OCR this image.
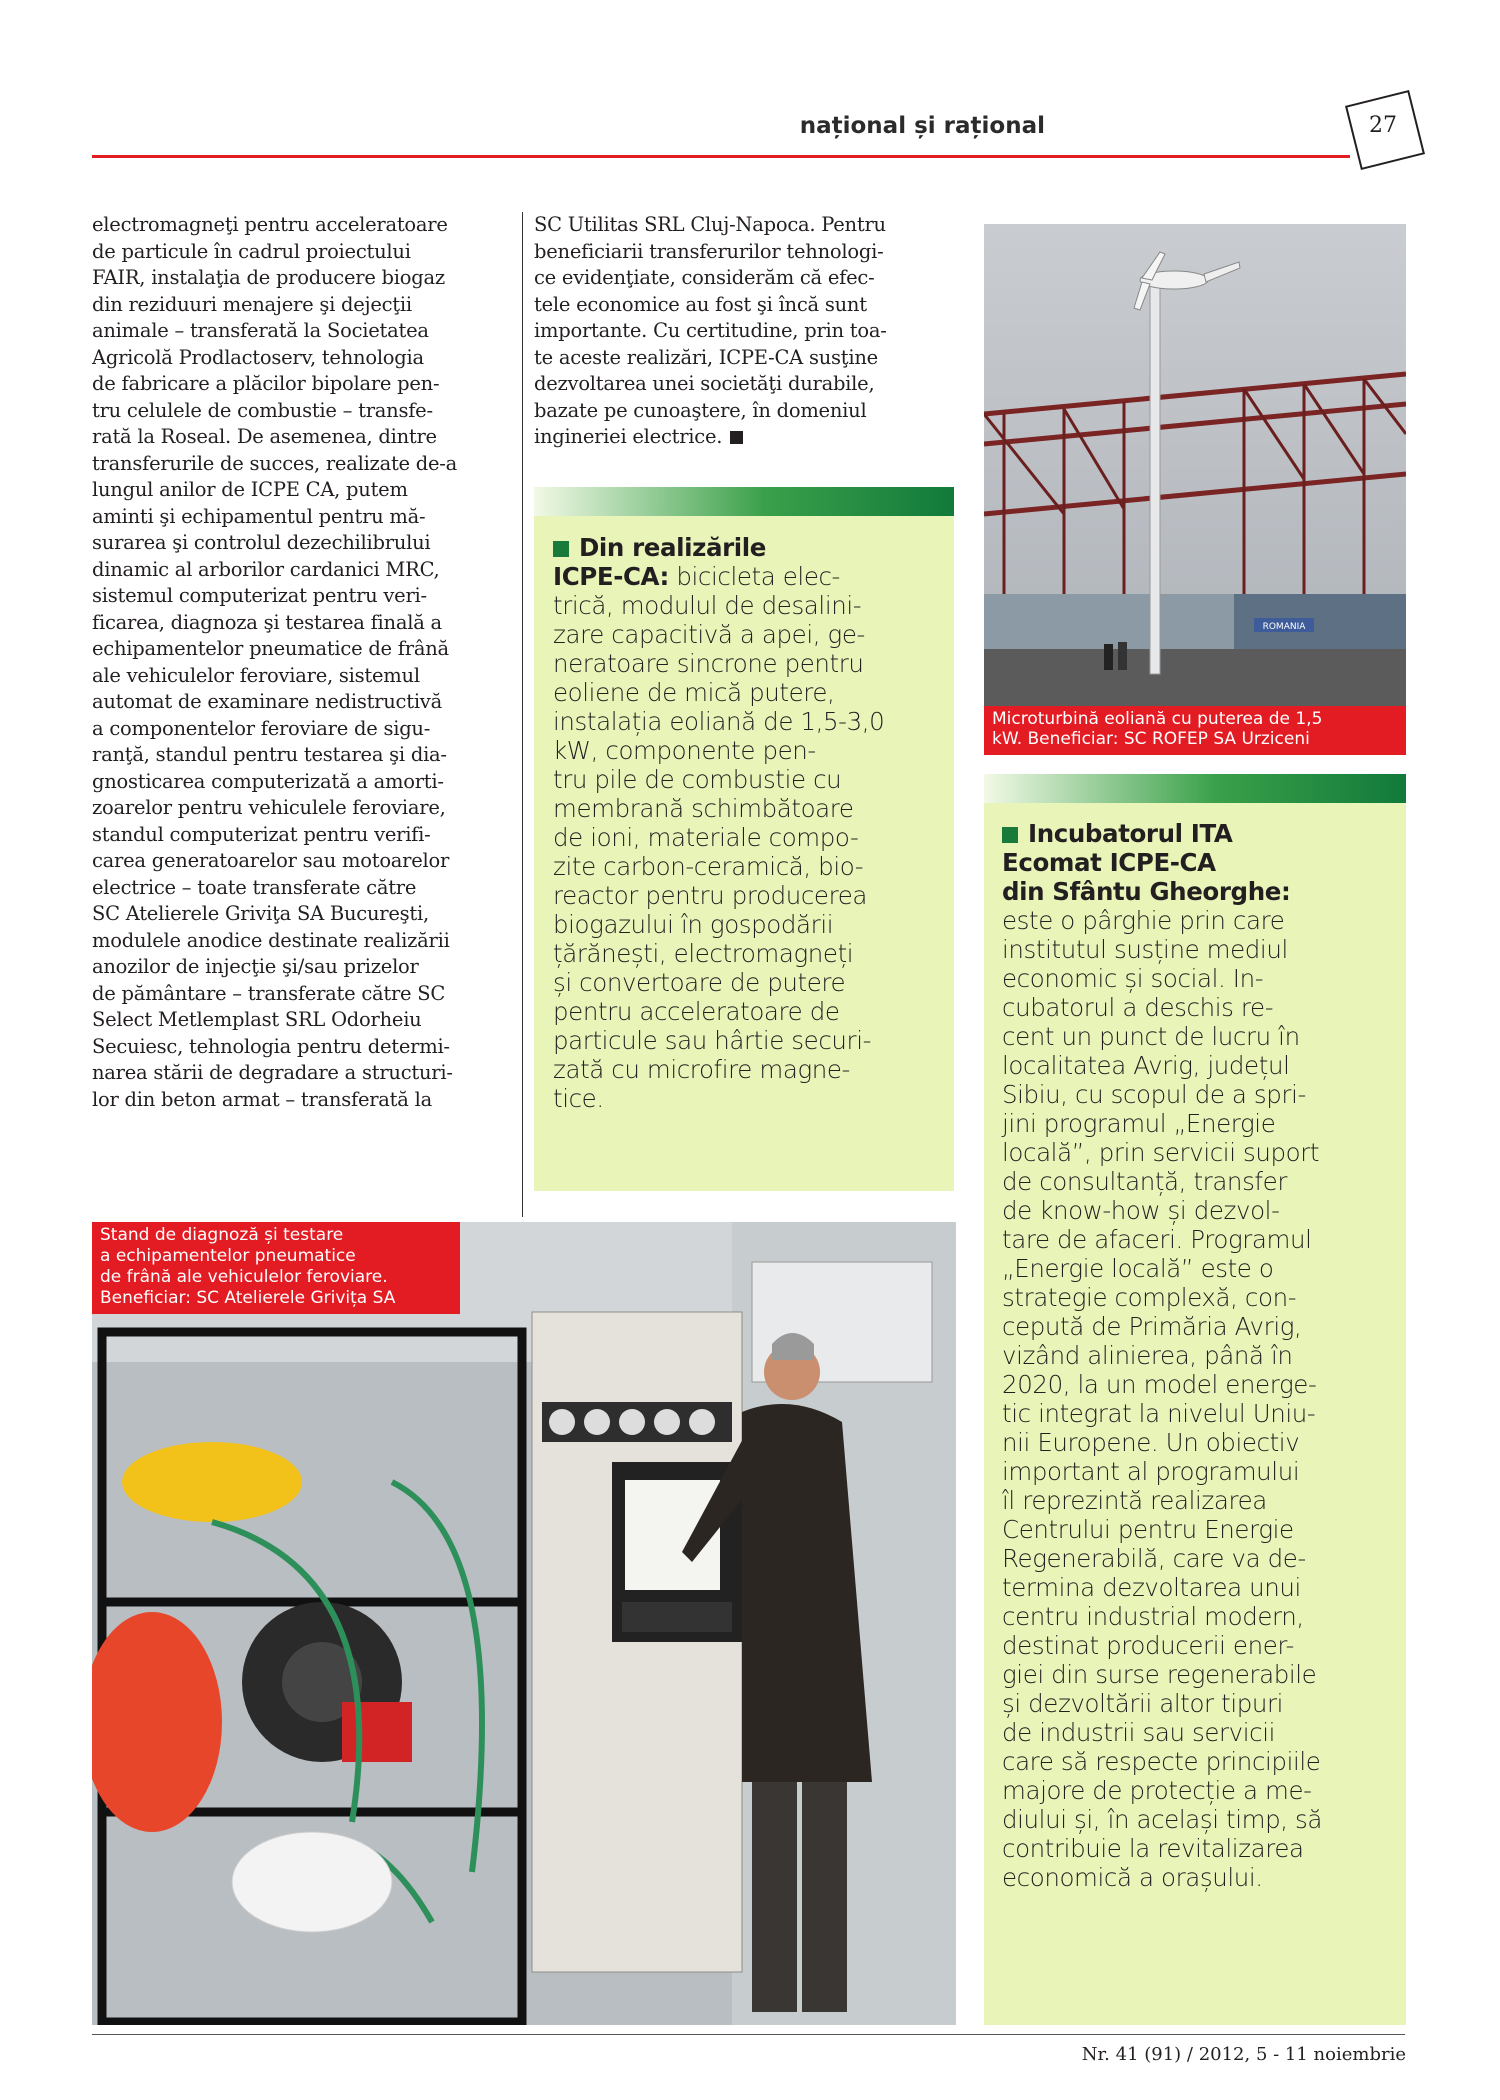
național și rațional	27
electromagneţi pentru acceleratoare
de particule în cadrul proiectului
FAIR, instalaţia de producere biogaz
din reziduuri menajere şi dejecţii
animale – transferată la Societatea
Agricolă Prodlactoserv, tehnologia
de fabricare a plăcilor bipolare pen-
tru celulele de combustie – transfe-
rată la Roseal. De asemenea, dintre
transferurile de succes, realizate de-a
lungul anilor de ICPE CA, putem
aminti şi echipamentul pentru mă-
surarea şi controlul dezechilibrului
dinamic al arborilor cardanici MRC,
sistemul computerizat pentru veri-
ficarea, diagnoza şi testarea finală a
echipamentelor pneumatice de frână
ale vehiculelor feroviare, sistemul
automat de examinare nedistructivă
a componentelor feroviare de sigu-
ranţă, standul pentru testarea şi dia-
gnosticarea computerizată a amorti-
zoarelor pentru vehiculele feroviare,
standul computerizat pentru verifi-
carea generatoarelor sau motoarelor
electrice – toate transferate către
SC Atelierele Griviţa SA Bucureşti,
modulele anodice destinate realizării
anozilor de injecţie şi/sau prizelor
de pământare – transferate către SC
Select Metlemplast SRL Odorheiu
Secuiesc, tehnologia pentru determi-
narea stării de degradare a structuri-
lor din beton armat – transferată la
SC Utilitas SRL Cluj-Napoca. Pentru
beneficiarii transferurilor tehnologi-
ce evidenţiate, considerăm că efec-
tele economice au fost şi încă sunt
importante. Cu certitudine, prin toa-
te aceste realizări, ICPE-CA susţine
dezvoltarea unei societăţi durabile,
bazate pe cunoaştere, în domeniul
ingineriei electrice.
Din realizările
ICPE-CA: bicicleta elec-
trică, modulul de desalini-
zare capacitivă a apei, ge-
neratoare sincrone pentru
eoliene de mică putere,
instalația eoliană de 1,5-3,0
kW, componente pen-
tru pile de combustie cu
membrană schimbătoare
de ioni, materiale compo-
zite carbon-ceramică, bio-
reactor pentru producerea
biogazului în gospodării
țărănești, electromagneți
și convertoare de putere
pentru acceleratoare de
particule sau hârtie securi-
zată cu microfire magne-
tice.
ROMANIA
Microturbină eoliană cu puterea de 1,5
kW. Beneficiar: SC ROFEP SA Urziceni
Incubatorul ITA
Ecomat ICPE-CA
din Sfântu Gheorghe:
este o pârghie prin care
institutul susține mediul
economic și social. In-
cubatorul a deschis re-
cent un punct de lucru în
localitatea Avrig, județul
Sibiu, cu scopul de a spri-
jini programul „Energie
locală”, prin servicii suport
de consultanță, transfer
de know-how și dezvol-
tare de afaceri. Programul
„Energie locală” este o
strategie complexă, con-
cepută de Primăria Avrig,
vizând alinierea, până în
2020, la un model energe-
tic integrat la nivelul Uniu-
nii Europene. Un obiectiv
important al programului
îl reprezintă realizarea
Centrului pentru Energie
Regenerabilă, care va de-
termina dezvoltarea unui
centru industrial modern,
destinat producerii ener-
giei din surse regenerabile
și dezvoltării altor tipuri
de industrii sau servicii
care să respecte principiile
majore de protecție a me-
diului și, în același timp, să
contribuie la revitalizarea
economică a orașului.
Stand de diagnoză și testare
a echipamentelor pneumatice
de frână ale vehiculelor feroviare.
Beneficiar: SC Atelierele Grivița SA
Nr. 41 (91) / 2012, 5 - 11 noiembrie
